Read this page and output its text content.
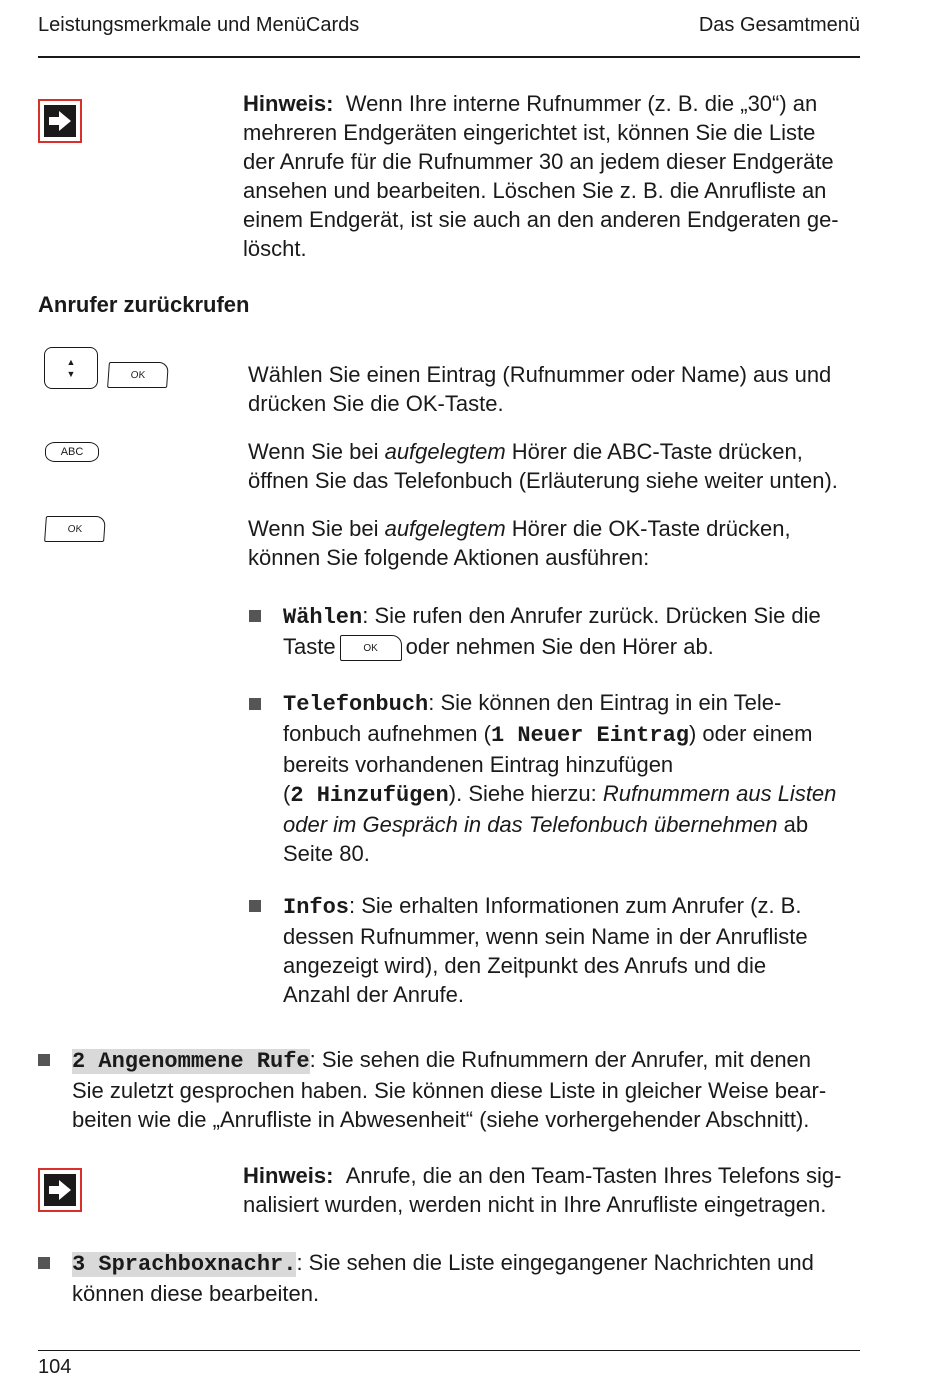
Leistungsmerkmale und MenüCards	Das Gesamtmenü
Hinweis: Wenn Ihre interne Rufnummer (z. B. die „30“) an
mehreren Endgeräten eingerichtet ist, können Sie die Liste
der Anrufe für die Rufnummer 30 an jedem dieser Endgeräte
ansehen und bearbeiten. Löschen Sie z. B. die Anrufliste an
einem Endgerät, ist sie auch an den anderen Endgeraten ge-
löscht.
Anrufer zurückrufen
▲
▼	OK	Wählen Sie einen Eintrag (Rufnummer oder Name) aus und
drücken Sie die OK-Taste.
ABC	Wenn Sie bei aufgelegtem Hörer die ABC-Taste drücken,
öffnen Sie das Telefonbuch (Erläuterung siehe weiter unten).
OK	Wenn Sie bei aufgelegtem Hörer die OK-Taste drücken,
können Sie folgende Aktionen ausführen:
Wählen: Sie rufen den Anrufer zurück. Drücken Sie die
Taste	OK oder nehmen Sie den Hörer ab.
Telefonbuch: Sie können den Eintrag in ein Tele-
fonbuch aufnehmen (1 Neuer Eintrag) oder einem
bereits vorhandenen Eintrag hinzufügen
(2 Hinzufügen). Siehe hierzu: Rufnummern aus Listen
oder im Gespräch in das Telefonbuch übernehmen ab
Seite 80.
Infos: Sie erhalten Informationen zum Anrufer (z. B.
dessen Rufnummer, wenn sein Name in der Anrufliste
angezeigt wird), den Zeitpunkt des Anrufs und die
Anzahl der Anrufe.
2 Angenommene Rufe: Sie sehen die Rufnummern der Anrufer, mit denen
Sie zuletzt gesprochen haben. Sie können diese Liste in gleicher Weise bear-
beiten wie die „Anrufliste in Abwesenheit“ (siehe vorhergehender Abschnitt).
Hinweis: Anrufe, die an den Team-Tasten Ihres Telefons sig-
nalisiert wurden, werden nicht in Ihre Anrufliste eingetragen.
3 Sprachboxnachr.: Sie sehen die Liste eingegangener Nachrichten und
können diese bearbeiten.
104
